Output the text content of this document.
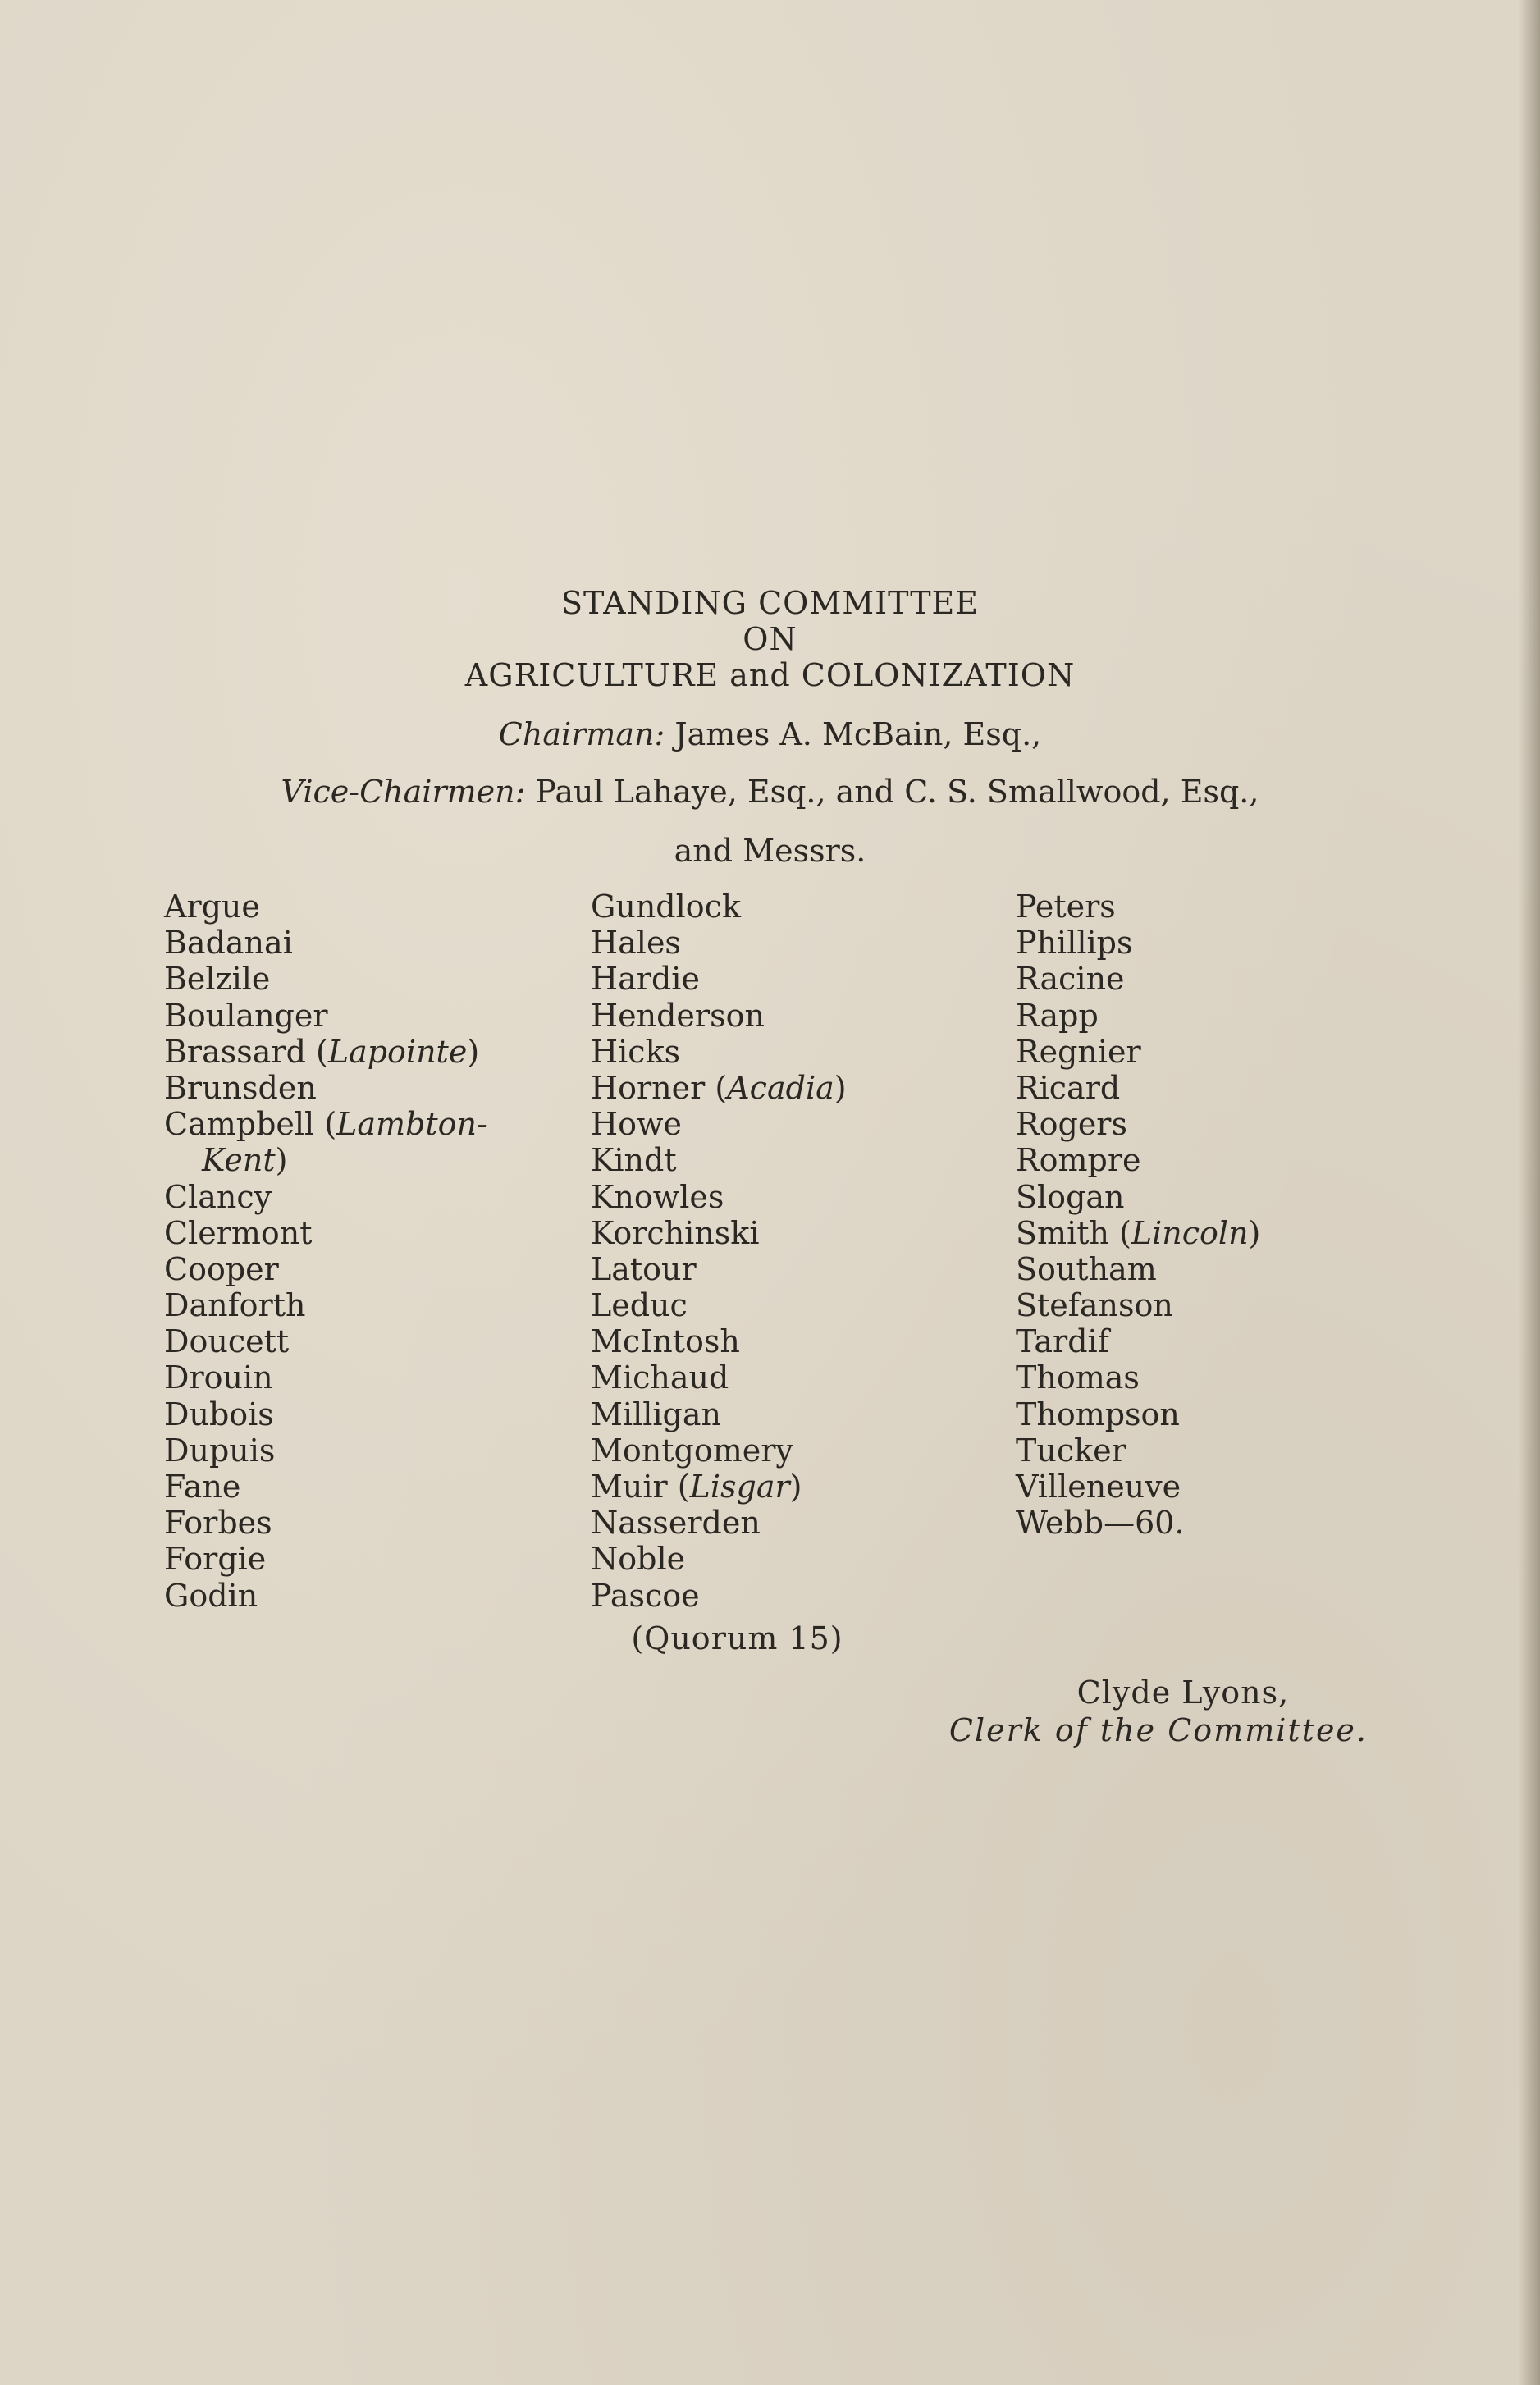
STANDING COMMITTEE
ON
AGRICULTURE and COLONIZATION
Chairman: James A. McBain, Esq.,
Vice-Chairmen: Paul Lahaye, Esq., and C. S. Smallwood, Esq.,
and Messrs.
Argue
Badanai
Belzile
Boulanger
Brassard (Lapointe)
Brunsden
Campbell (Lambton-
Kent)
Clancy
Clermont
Cooper
Danforth
Doucett
Drouin
Dubois
Dupuis
Fane
Forbes
Forgie
Godin
Gundlock
Hales
Hardie
Henderson
Hicks
Horner (Acadia)
Howe
Kindt
Knowles
Korchinski
Latour
Leduc
McIntosh
Michaud
Milligan
Montgomery
Muir (Lisgar)
Nasserden
Noble
Pascoe
Peters
Phillips
Racine
Rapp
Regnier
Ricard
Rogers
Rompre
Slogan
Smith (Lincoln)
Southam
Stefanson
Tardif
Thomas
Thompson
Tucker
Villeneuve
Webb—60.
(Quorum 15)
Clyde Lyons,
Clerk of the Committee.
